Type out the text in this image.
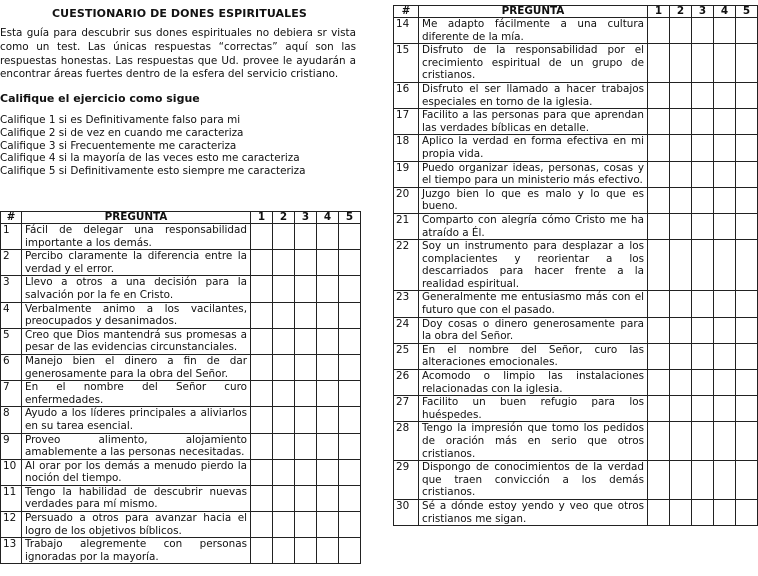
CUESTIONARIO DE DONES ESPIRITUALES

Esta guía para descubrir sus dones espirituales no debiera sr vista como un test. Las únicas respuestas “correctas” aquí son las respuestas honestas. Las respuestas que Ud. provee le ayudarán a encontrar áreas fuertes dentro de la esfera del servicio cristiano.

Califique el ejercicio como sigue
Califique 1 si es Definitivamente falso para mi
Califique 2 si de vez en cuando me caracteriza
Califique 3 si Frecuentemente me caracteriza
Califique 4 si la mayoría de las veces esto me caracteriza
Califique 5 si Definitivamente esto siempre me caracteriza
#	PREGUNTA	1	2	3	4	5
1	Fácil de delegar una responsabilidad importante a los demás.					
2	Percibo claramente la diferencia entre la verdad y el error.					
3	Llevo a otros a una decisión para la salvación por la fe en Cristo.					
4	Verbalmente animo a los vacilantes, preocupados y desanimados.					
5	Creo que Dios mantendrá sus promesas a pesar de las evidencias circunstanciales.					
6	Manejo bien el dinero a fin de dar generosamente para la obra del Señor.					
7	En el nombre del Señor curo enfermedades.					
8	Ayudo a los líderes principales a aliviarlos en su tarea esencial.					
9	Proveo alimento, alojamiento amablemente a las personas necesitadas.					
10	Al orar por los demás a menudo pierdo la noción del tiempo.					
11	Tengo la habilidad de descubrir nuevas verdades para mí mismo.					
12	Persuado a otros para avanzar hacia el logro de los objetivos bíblicos.					
13	Trabajo alegremente con personas ignoradas por la mayoría.					
#	PREGUNTA	1	2	3	4	5
14	Me adapto fácilmente a una cultura diferente de la mía.					
15	Disfruto de la responsabilidad por el crecimiento espiritual de un grupo de cristianos.					
16	Disfruto el ser llamado a hacer trabajos especiales en torno de la iglesia.					
17	Facilito a las personas para que aprendan las verdades bíblicas en detalle.					
18	Aplico la verdad en forma efectiva en mi propia vida.					
19	Puedo organizar ideas, personas, cosas y el tiempo para un ministerio más efectivo.					
20	Juzgo bien lo que es malo y lo que es bueno.					
21	Comparto con alegría cómo Cristo me ha atraído a Él.					
22	Soy un instrumento para desplazar a los complacientes y reorientar a los descarriados para hacer frente a la realidad espiritual.					
23	Generalmente me entusiasmo más con el futuro que con el pasado.					
24	Doy cosas o dinero generosamente para la obra del Señor.					
25	En el nombre del Señor, curo las alteraciones emocionales.					
26	Acomodo o limpio las instalaciones relacionadas con la iglesia.					
27	Facilito un buen refugio para los huéspedes.					
28	Tengo la impresión que tomo los pedidos de oración más en serio que otros cristianos.					
29	Dispongo de conocimientos de la verdad que traen convicción a los demás cristianos.					
30	Sé a dónde estoy yendo y veo que otros cristianos me sigan.					
